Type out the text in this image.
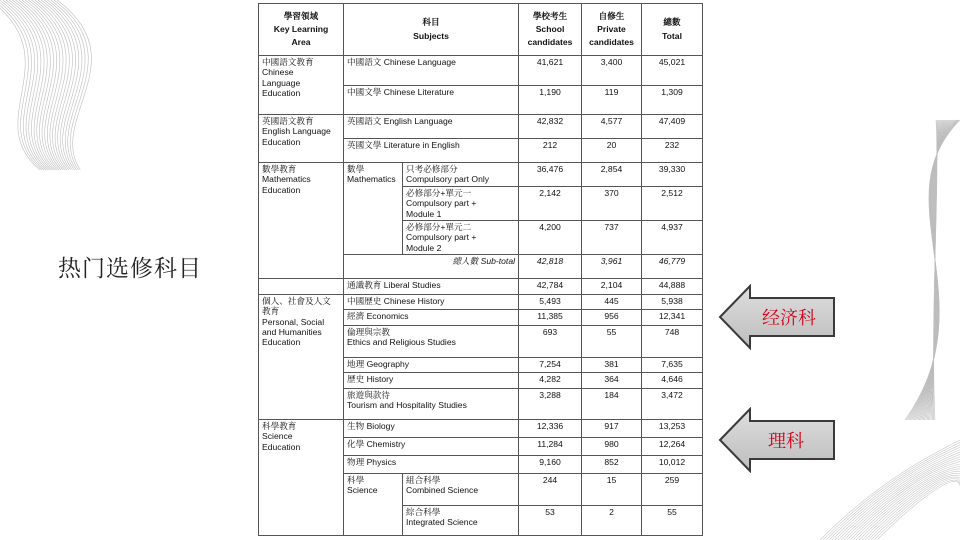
热门选修科目
學習領域
Key Learning
Area	科目
Subjects		學校考生
School
candidates	自修生
Private
candidates	總數
Total
中國語文教育
Chinese
Language
Education	中國語文 Chinese Language		41,621	3,400	45,021
	中國文學 Chinese Literature		1,190	119	1,309
英國語文教育
English Language
Education	英國語文 English Language		42,832	4,577	47,409
	英國文學 Literature in English		212	20	232
數學教育
Mathematics
Education	數學
Mathematics	只考必修部分
Compulsory part Only	36,476	2,854	39,330
		必修部分+單元一
Compulsory part +
Module 1	2,142	370	2,512
		必修部分+單元二
Compulsory part +
Module 2	4,200	737	4,937
	總人數 Sub-total		42,818	3,961	46,779
	通識教育 Liberal Studies		42,784	2,104	44,888
個人、社會及人文
教育
Personal, Social
and Humanities
Education	中國歷史 Chinese History		5,493	445	5,938
	經濟 Economics		11,385	956	12,341
	倫理與宗教
Ethics and Religious Studies		693	55	748
	地理 Geography		7,254	381	7,635
	歷史 History		4,282	364	4,646
	旅遊與款待
Tourism and Hospitality Studies		3,288	184	3,472
科學教育
Science
Education	生物 Biology		12,336	917	13,253
	化學 Chemistry		11,284	980	12,264
	物理 Physics		9,160	852	10,012
	科學
Science	組合科學
Combined Science	244	15	259
		綜合科學
Integrated Science	53	2	55
经济科
理科
